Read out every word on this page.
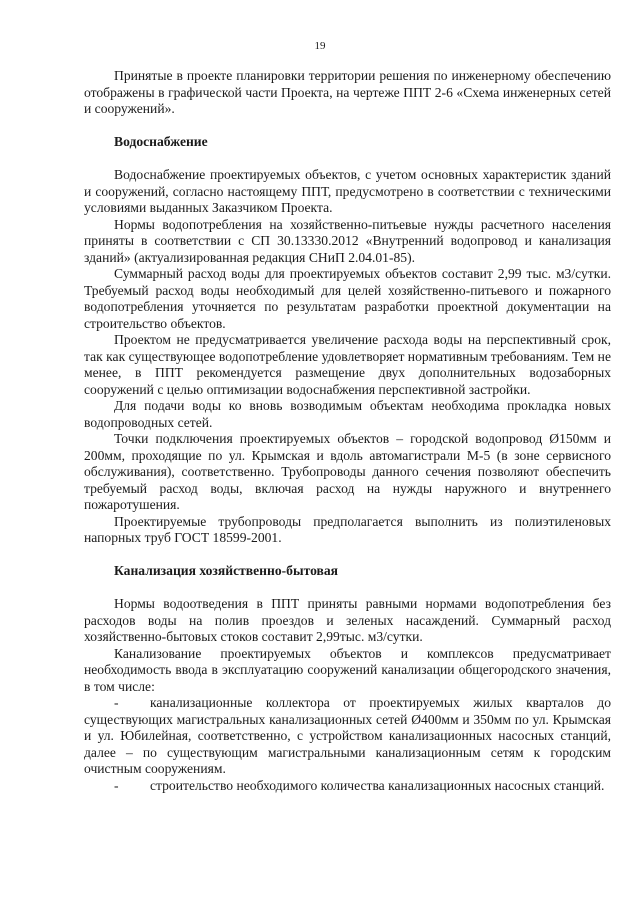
19

Принятые в проекте планировки территории решения по инженерному обеспечению отображены в графической части Проекта, на чертеже ППТ 2-6 «Схема инженерных сетей и сооружений».

Водоснабжение

Водоснабжение проектируемых объектов, с учетом основных характеристик зданий и сооружений, согласно настоящему ППТ, предусмотрено в соответствии с техническими условиями выданных Заказчиком Проекта.

Нормы водопотребления на хозяйственно-питьевые нужды расчетного населения приняты в соответствии с СП 30.13330.2012 «Внутренний водопровод и канализация зданий» (актуализированная редакция СНиП 2.04.01-85).

Суммарный расход воды для проектируемых объектов составит 2,99 тыс. м3/сутки. Требуемый расход воды необходимый для целей хозяйственно-питьевого и пожарного водопотребления уточняется по результатам разработки проектной документации на строительство объектов.

Проектом не предусматривается увеличение расхода воды на перспективный срок, так как существующее водопотребление удовлетворяет нормативным требованиям. Тем не менее, в ППТ рекомендуется размещение двух дополнительных водозаборных сооружений с целью оптимизации водоснабжения перспективной застройки.

Для подачи воды ко вновь возводимым объектам необходима прокладка новых водопроводных сетей.

Точки подключения проектируемых объектов – городской водопровод Ø150мм и 200мм, проходящие по ул. Крымская и вдоль автомагистрали М-5 (в зоне сервисного обслуживания), соответственно. Трубопроводы данного сечения позволяют обеспечить требуемый расход воды, включая расход на нужды наружного и внутреннего пожаротушения.

Проектируемые трубопроводы предполагается выполнить из полиэтиленовых напорных труб ГОСТ 18599-2001.

Канализация хозяйственно-бытовая

Нормы водоотведения в ППТ приняты равными нормами водопотребления без расходов воды на полив проездов и зеленых насаждений. Суммарный расход хозяйственно-бытовых стоков составит 2,99тыс. м3/сутки.

Канализование проектируемых объектов и комплексов предусматривает необходимость ввода в эксплуатацию сооружений канализации общегородского значения, в том числе:

- канализационные коллектора от проектируемых жилых кварталов до существующих магистральных канализационных сетей Ø400мм и 350мм по ул. Крымская и ул. Юбилейная, соответственно, с устройством канализационных насосных станций, далее – по существующим магистральными канализационным сетям к городским очистным сооружениям.

- строительство необходимого количества канализационных насосных станций.
